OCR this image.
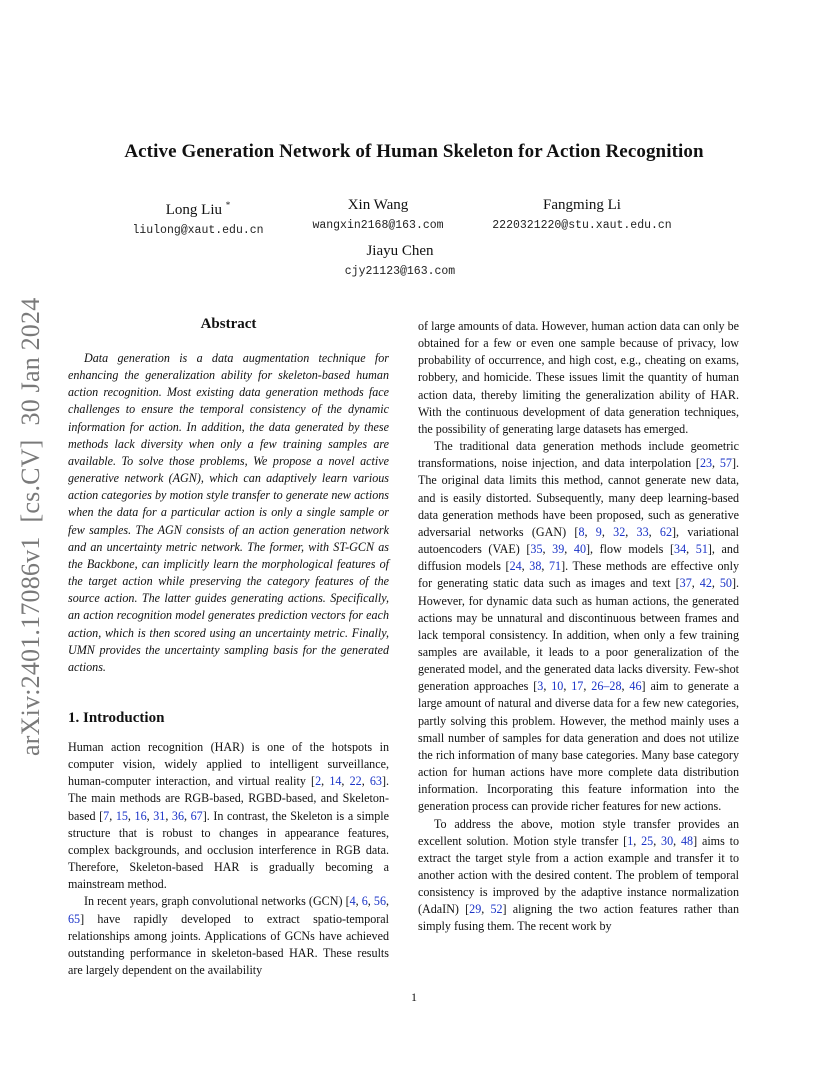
Active Generation Network of Human Skeleton for Action Recognition
Long Liu *
liulong@xaut.edu.cn
Xin Wang
wangxin2168@163.com
Fangming Li
2220321220@stu.xaut.edu.cn
Jiayu Chen
cjy21123@163.com
arXiv:2401.17086v1[cs.CV]30 Jan 2024	Abstract

Data generation is a data augmentation technique for enhancing the generalization ability for skeleton-based human action recognition. Most existing data generation methods face challenges to ensure the temporal consistency of the dynamic information for action. In addition, the data generated by these methods lack diversity when only a few training samples are available. To solve those problems, We propose a novel active generative network (AGN), which can adaptively learn various action categories by motion style transfer to generate new actions when the data for a particular action is only a single sample or few samples. The AGN consists of an action generation network and an uncertainty metric network. The former, with ST-GCN as the Backbone, can implicitly learn the morphological features of the target action while preserving the category features of the source action. The latter guides generating actions. Specifically, an action recognition model generates prediction vectors for each action, which is then scored using an uncertainty metric. Finally, UMN provides the uncertainty sampling basis for the generated actions.

1. Introduction

Human action recognition (HAR) is one of the hotspots in computer vision, widely applied to intelligent surveillance, human-computer interaction, and virtual reality [2, 14, 22, 63]. The main methods are RGB-based, RGBD-based, and Skeleton-based [7, 15, 16, 31, 36, 67]. In contrast, the Skeleton is a simple structure that is robust to changes in appearance features, complex backgrounds, and occlusion interference in RGB data. Therefore, Skeleton-based HAR is gradually becoming a mainstream method.

In recent years, graph convolutional networks (GCN) [4, 6, 56, 65] have rapidly developed to extract spatio-temporal relationships among joints. Applications of GCNs have achieved outstanding performance in skeleton-based HAR. These results are largely dependent on the availability

of large amounts of data. However, human action data can only be obtained for a few or even one sample because of privacy, low probability of occurrence, and high cost, e.g., cheating on exams, robbery, and homicide. These issues limit the quantity of human action data, thereby limiting the generalization ability of HAR. With the continuous development of data generation techniques, the possibility of generating large datasets has emerged.

The traditional data generation methods include geometric transformations, noise injection, and data interpolation [23, 57]. The original data limits this method, cannot generate new data, and is easily distorted. Subsequently, many deep learning-based data generation methods have been proposed, such as generative adversarial networks (GAN) [8, 9, 32, 33, 62], variational autoencoders (VAE) [35, 39, 40], flow models [34, 51], and diffusion models [24, 38, 71]. These methods are effective only for generating static data such as images and text [37, 42, 50]. However, for dynamic data such as human actions, the generated actions may be unnatural and discontinuous between frames and lack temporal consistency. In addition, when only a few training samples are available, it leads to a poor generalization of the generated model, and the generated data lacks diversity. Few-shot generation approaches [3, 10, 17, 26–28, 46] aim to generate a large amount of natural and diverse data for a few new categories, partly solving this problem. However, the method mainly uses a small number of samples for data generation and does not utilize the rich information of many base categories. Many base category action for human actions have more complete data distribution information. Incorporating this feature information into the generation process can provide richer features for new actions.

To address the above, motion style transfer provides an excellent solution. Motion style transfer [1, 25, 30, 48] aims to extract the target style from a action example and transfer it to another action with the desired content. The problem of temporal consistency is improved by the adaptive instance normalization (AdaIN) [29, 52] aligning the two action features rather than simply fusing them. The recent work by

1
